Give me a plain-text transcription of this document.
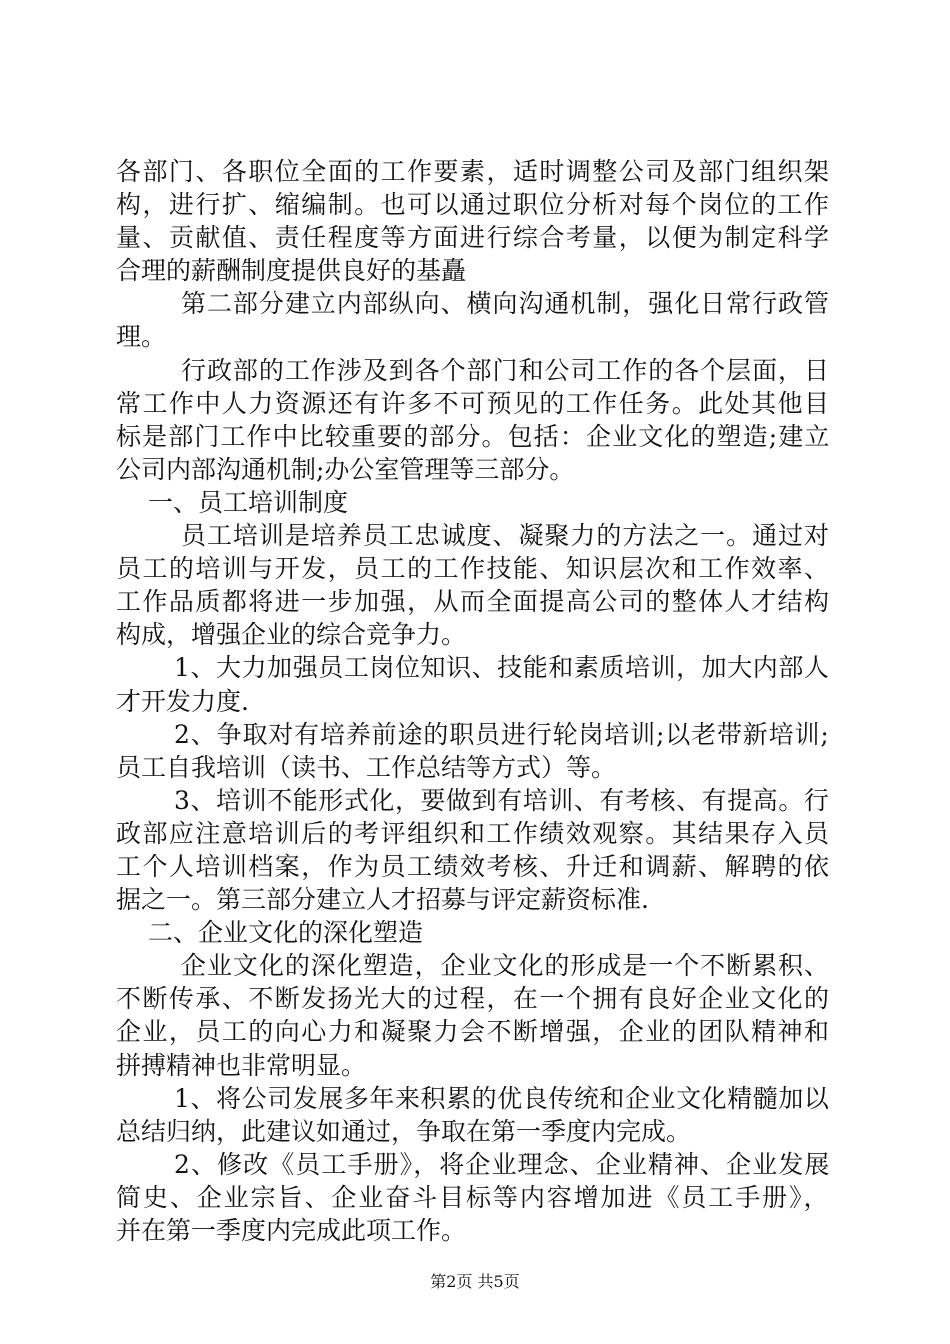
各部门、各职位全面的工作要素，适时调整公司及部门组织架
构，进行扩、缩编制。也可以通过职位分析对每个岗位的工作
量、贡献值、责任程度等方面进行综合考量，以便为制定科学
合理的薪酬制度提供良好的基矗
第二部分建立内部纵向、横向沟通机制，强化日常行政管
理。
行政部的工作涉及到各个部门和公司工作的各个层面，日
常工作中人力资源还有许多不可预见的工作任务。此处其他目
标是部门工作中比较重要的部分。包括：企业文化的塑造;建立
公司内部沟通机制;办公室管理等三部分。
一、员工培训制度
员工培训是培养员工忠诚度、凝聚力的方法之一。通过对
员工的培训与开发，员工的工作技能、知识层次和工作效率、
工作品质都将进一步加强，从而全面提高公司的整体人才结构
构成，增强企业的综合竞争力。
1、大力加强员工岗位知识、技能和素质培训，加大内部人
才开发力度.
2、争取对有培养前途的职员进行轮岗培训;以老带新培训;
员工自我培训（读书、工作总结等方式）等。
3、培训不能形式化，要做到有培训、有考核、有提高。行
政部应注意培训后的考评组织和工作绩效观察。其结果存入员
工个人培训档案，作为员工绩效考核、升迁和调薪、解聘的依
据之一。第三部分建立人才招募与评定薪资标准.
二、企业文化的深化塑造
企业文化的深化塑造，企业文化的形成是一个不断累积、
不断传承、不断发扬光大的过程，在一个拥有良好企业文化的
企业，员工的向心力和凝聚力会不断增强，企业的团队精神和
拼搏精神也非常明显。
1、将公司发展多年来积累的优良传统和企业文化精髓加以
总结归纳，此建议如通过，争取在第一季度内完成。
2、修改《员工手册》，将企业理念、企业精神、企业发展
简史、企业宗旨、企业奋斗目标等内容增加进《员工手册》，
并在第一季度内完成此项工作。
第2页 共5页
